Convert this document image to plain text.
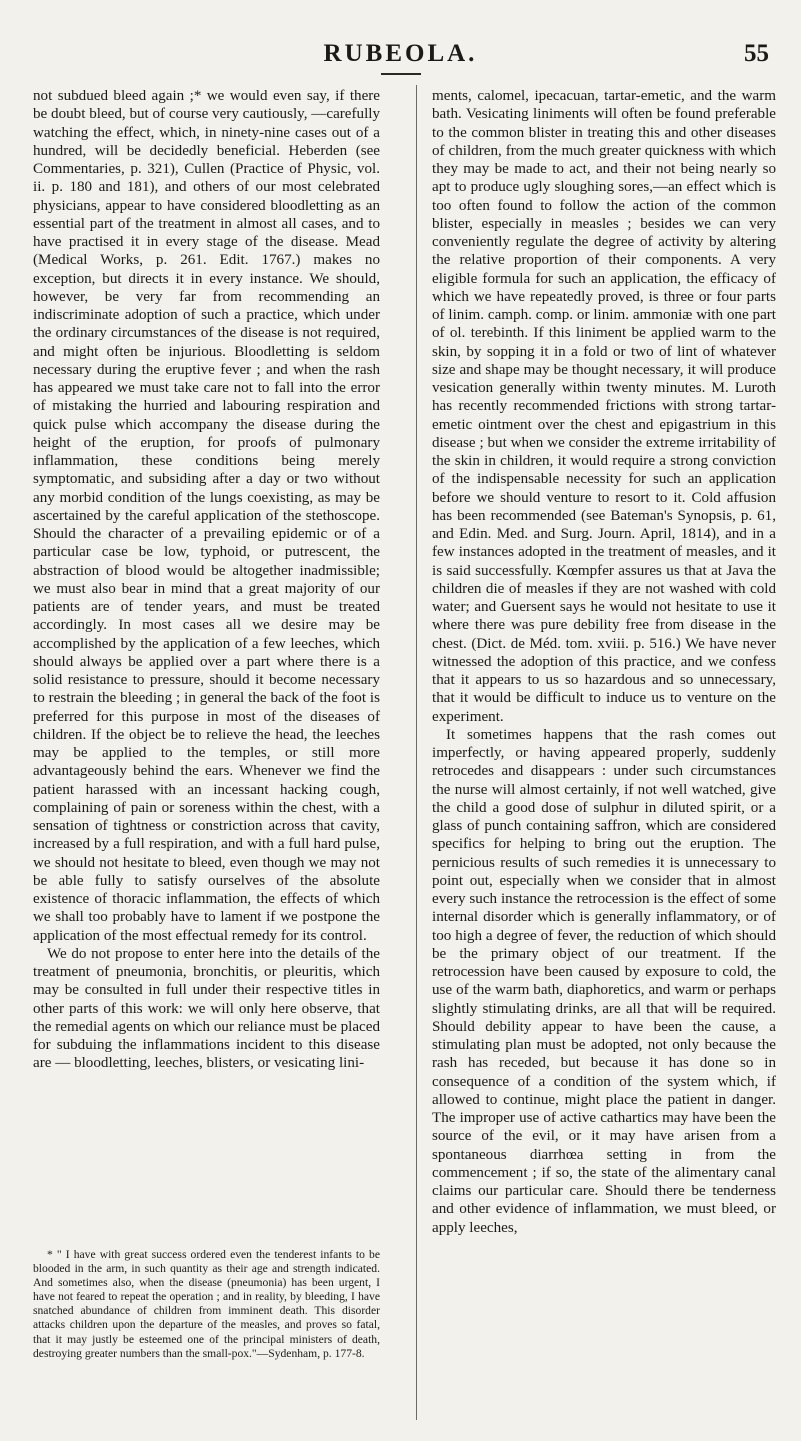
RUBEOLA.	55

not subdued bleed again ;* we would even say, if there be doubt bleed, but of course very cautiously, —carefully watching the effect, which, in ninety-nine cases out of a hundred, will be decidedly beneficial. Heberden (see Commentaries, p. 321), Cullen (Practice of Physic, vol. ii. p. 180 and 181), and others of our most celebrated physicians, appear to have considered bloodletting as an essential part of the treatment in almost all cases, and to have practised it in every stage of the disease. Mead (Medical Works, p. 261. Edit. 1767.) makes no exception, but directs it in every instance. We should, however, be very far from recommending an indiscriminate adoption of such a practice, which under the ordinary circumstances of the disease is not required, and might often be injurious. Bloodletting is seldom necessary during the eruptive fever ; and when the rash has appeared we must take care not to fall into the error of mistaking the hurried and labouring respiration and quick pulse which accompany the disease during the height of the eruption, for proofs of pulmonary inflammation, these conditions being merely symptomatic, and subsiding after a day or two without any morbid condition of the lungs coexisting, as may be ascertained by the careful application of the stethoscope. Should the character of a prevailing epidemic or of a particular case be low, typhoid, or putrescent, the abstraction of blood would be altogether inadmissible; we must also bear in mind that a great majority of our patients are of tender years, and must be treated accordingly. In most cases all we desire may be accomplished by the application of a few leeches, which should always be applied over a part where there is a solid resistance to pressure, should it become necessary to restrain the bleeding ; in general the back of the foot is preferred for this purpose in most of the diseases of children. If the object be to relieve the head, the leeches may be applied to the temples, or still more advantageously behind the ears. Whenever we find the patient harassed with an incessant hacking cough, complaining of pain or soreness within the chest, with a sensation of tightness or constriction across that cavity, increased by a full respiration, and with a full hard pulse, we should not hesitate to bleed, even though we may not be able fully to satisfy ourselves of the absolute existence of thoracic inflammation, the effects of which we shall too probably have to lament if we postpone the application of the most effectual remedy for its control.

We do not propose to enter here into the details of the treatment of pneumonia, bronchitis, or pleuritis, which may be consulted in full under their respective titles in other parts of this work: we will only here observe, that the remedial agents on which our reliance must be placed for subduing the inflammations incident to this disease are — bloodletting, leeches, blisters, or vesicating lini-

* " I have with great success ordered even the tenderest infants to be blooded in the arm, in such quantity as their age and strength indicated. And sometimes also, when the disease (pneumonia) has been urgent, I have not feared to repeat the operation ; and in reality, by bleeding, I have snatched abundance of children from imminent death. This disorder attacks children upon the departure of the measles, and proves so fatal, that it may justly be esteemed one of the principal ministers of death, destroying greater numbers than the small-pox."—Sydenham, p. 177-8.

ments, calomel, ipecacuan, tartar-emetic, and the warm bath. Vesicating liniments will often be found preferable to the common blister in treating this and other diseases of children, from the much greater quickness with which they may be made to act, and their not being nearly so apt to produce ugly sloughing sores,—an effect which is too often found to follow the action of the common blister, especially in measles ; besides we can very conveniently regulate the degree of activity by altering the relative proportion of their components. A very eligible formula for such an application, the efficacy of which we have repeatedly proved, is three or four parts of linim. camph. comp. or linim. ammoniæ with one part of ol. terebinth. If this liniment be applied warm to the skin, by sopping it in a fold or two of lint of whatever size and shape may be thought necessary, it will produce vesication generally within twenty minutes. M. Luroth has recently recommended frictions with strong tartar-emetic ointment over the chest and epigastrium in this disease ; but when we consider the extreme irritability of the skin in children, it would require a strong conviction of the indispensable necessity for such an application before we should venture to resort to it. Cold affusion has been recommended (see Bateman's Synopsis, p. 61, and Edin. Med. and Surg. Journ. April, 1814), and in a few instances adopted in the treatment of measles, and it is said successfully. Kœmpfer assures us that at Java the children die of measles if they are not washed with cold water; and Guersent says he would not hesitate to use it where there was pure debility free from disease in the chest. (Dict. de Méd. tom. xviii. p. 516.) We have never witnessed the adoption of this practice, and we confess that it appears to us so hazardous and so unnecessary, that it would be difficult to induce us to venture on the experiment.

It sometimes happens that the rash comes out imperfectly, or having appeared properly, suddenly retrocedes and disappears : under such circumstances the nurse will almost certainly, if not well watched, give the child a good dose of sulphur in diluted spirit, or a glass of punch containing saffron, which are considered specifics for helping to bring out the eruption. The pernicious results of such remedies it is unnecessary to point out, especially when we consider that in almost every such instance the retrocession is the effect of some internal disorder which is generally inflammatory, or of too high a degree of fever, the reduction of which should be the primary object of our treatment. If the retrocession have been caused by exposure to cold, the use of the warm bath, diaphoretics, and warm or perhaps slightly stimulating drinks, are all that will be required. Should debility appear to have been the cause, a stimulating plan must be adopted, not only because the rash has receded, but because it has done so in consequence of a condition of the system which, if allowed to continue, might place the patient in danger. The improper use of active cathartics may have been the source of the evil, or it may have arisen from a spontaneous diarrhœa setting in from the commencement ; if so, the state of the alimentary canal claims our particular care. Should there be tenderness and other evidence of inflammation, we must bleed, or apply leeches,
